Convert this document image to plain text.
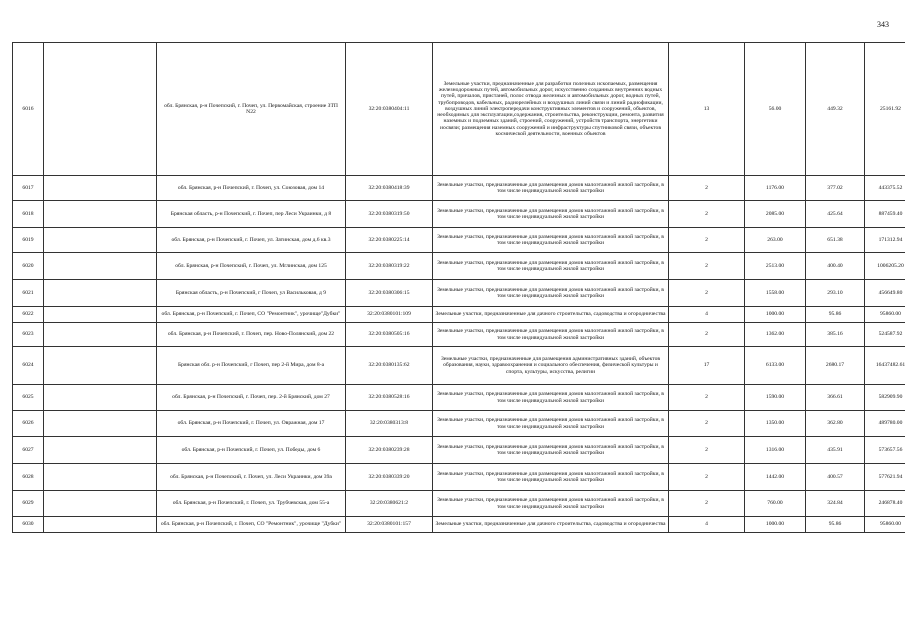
343
6016		обл. Брянская, р-н Почепский, г. Почеп, ул. Первомайская, строение ЗТП N22	32:20:0380404:11	Земельные участки, предназначенные для разработки полезных ископаемых, размещения железнодорожных путей, автомобильных дорог, искусственно созданных внутренних водных путей, причалов, пристаней, полос отвода железных и автомобильных дорог, водных путей, трубопроводов, кабельных, радиорелейных и воздушных линий связи и линий радиофикации, воздушных линий электропередачи конструктивных элементов и сооружений, объектов, необходимых для эксплуатации,содержания, строительства, реконструкции, ремонта, развития наземных и подземных зданий, строений, сооружений, устройств транспорта, энергетики иосвязи; размещения наземных сооружений и инфраструктуры спутниковой связи, объектов космической деятельности, военных объектов	13	56.00	449.32	25161.92
6017		обл. Брянская, р-н Почепский, г. Почеп, ул. Союзовая, дом 14	32:20:0380418:39	Земельные участки, предназначенные для размещения домов малоэтажной жилой застройки, в том числе индивидуальной жилой застройки	2	1176.00	377.02	443375.52
6018		Брянская область, р-н Почепский, г. Почеп, пер Леси Украинки, д 8	32:20:0380319:50	Земельные участки, предназначенные для размещения домов малоэтажной жилой застройки, в том числе индивидуальной жилой застройки	2	2085.00	425.64	887459.40
6019		обл. Брянская, р-н Почепский, г. Почеп, ул. Затинская, дом д.6 кв.3	32:20:0380225:14	Земельные участки, предназначенные для размещения домов малоэтажной жилой застройки, в том числе индивидуальной жилой застройки	2	263.00	651.38	171312.94
6020		обл. Брянская, р-н Почепский, г. Почеп, ул. Мглинская, дом 125	32:20:0380319:22	Земельные участки, предназначенные для размещения домов малоэтажной жилой застройки, в том числе индивидуальной жилой застройки	2	2513.00	400.40	1006205.20
6021		Брянская область, р-н Почепский, г Почеп, ул Васильковая, д 9	32:20:0380306:15	Земельные участки, предназначенные для размещения домов малоэтажной жилой застройки, в том числе индивидуальной жилой застройки	2	1558.00	293.10	456649.80
6022		обл. Брянская, р-н Почепский, г. Почеп, СО "Ремонтник", урочище"Дубки"	32:20:0380101:109	Земельные участки, предназначенные для дачного строительства, садоводства и огородничества	4	1000.00	95.86	95860.00
6023		обл. Брянская, р-н Почепский, г. Почеп, пер. Ново-Полянский, дом 22	32:20:0380505:16	Земельные участки, предназначенные для размещения домов малоэтажной жилой застройки, в том числе индивидуальной жилой застройки	2	1362.00	385.16	524587.92
6024		Брянская обл. р-н Почепский, г Почеп, пер 2-й Мира, дом 8-а	32:20:0380135:62	Земельные участки, предназначенные для размещения административных зданий, объектов образования, науки, здравоохранения и социального обеспечения, физической культуры и спорта, культуры, искусства, религии	17	6133.00	2680.17	16437482.61
6025		обл. Брянская, р-н Почепский, г. Почеп, пер. 2-й Брянский, дом 27	32:20:0380528:16	Земельные участки, предназначенные для размещения домов малоэтажной жилой застройки, в том числе индивидуальной жилой застройки	2	1590.00	366.61	582909.90
6026		обл. Брянская, р-н Почепский, г. Почеп, ул. Овражная, дом 17	32:20:0380313:8	Земельные участки, предназначенные для размещения домов малоэтажной жилой застройки, в том числе индивидуальной жилой застройки	2	1350.00	362.80	489780.00
6027		обл. Брянская, р-н Почепский, г. Почеп, ул. Победы, дом 6	32:20:0380239:28	Земельные участки, предназначенные для размещения домов малоэтажной жилой застройки, в том числе индивидуальной жилой застройки	2	1316.00	435.91	573657.56
6028		обл. Брянская, р-н Почепский, г. Почеп, ул. Леси Украинки, дом 39а	32:20:0380339:20	Земельные участки, предназначенные для размещения домов малоэтажной жилой застройки, в том числе индивидуальной жилой застройки	2	1442.00	400.57	577621.94
6029		обл. Брянская, р-н Почепский, г. Почеп, ул. Трубчевская, дом 55-а	32:20:0380621:2	Земельные участки, предназначенные для размещения домов малоэтажной жилой застройки, в том числе индивидуальной жилой застройки	2	760.00	324.84	246878.40
6030		обл. Брянская, р-н Почепский, г. Почеп, СО "Ремонтник", урочище "Дубки"	32:20:0380101:157	Земельные участки, предназначенные для дачного строительства, садоводства и огородничества	4	1000.00	95.86	95860.00
